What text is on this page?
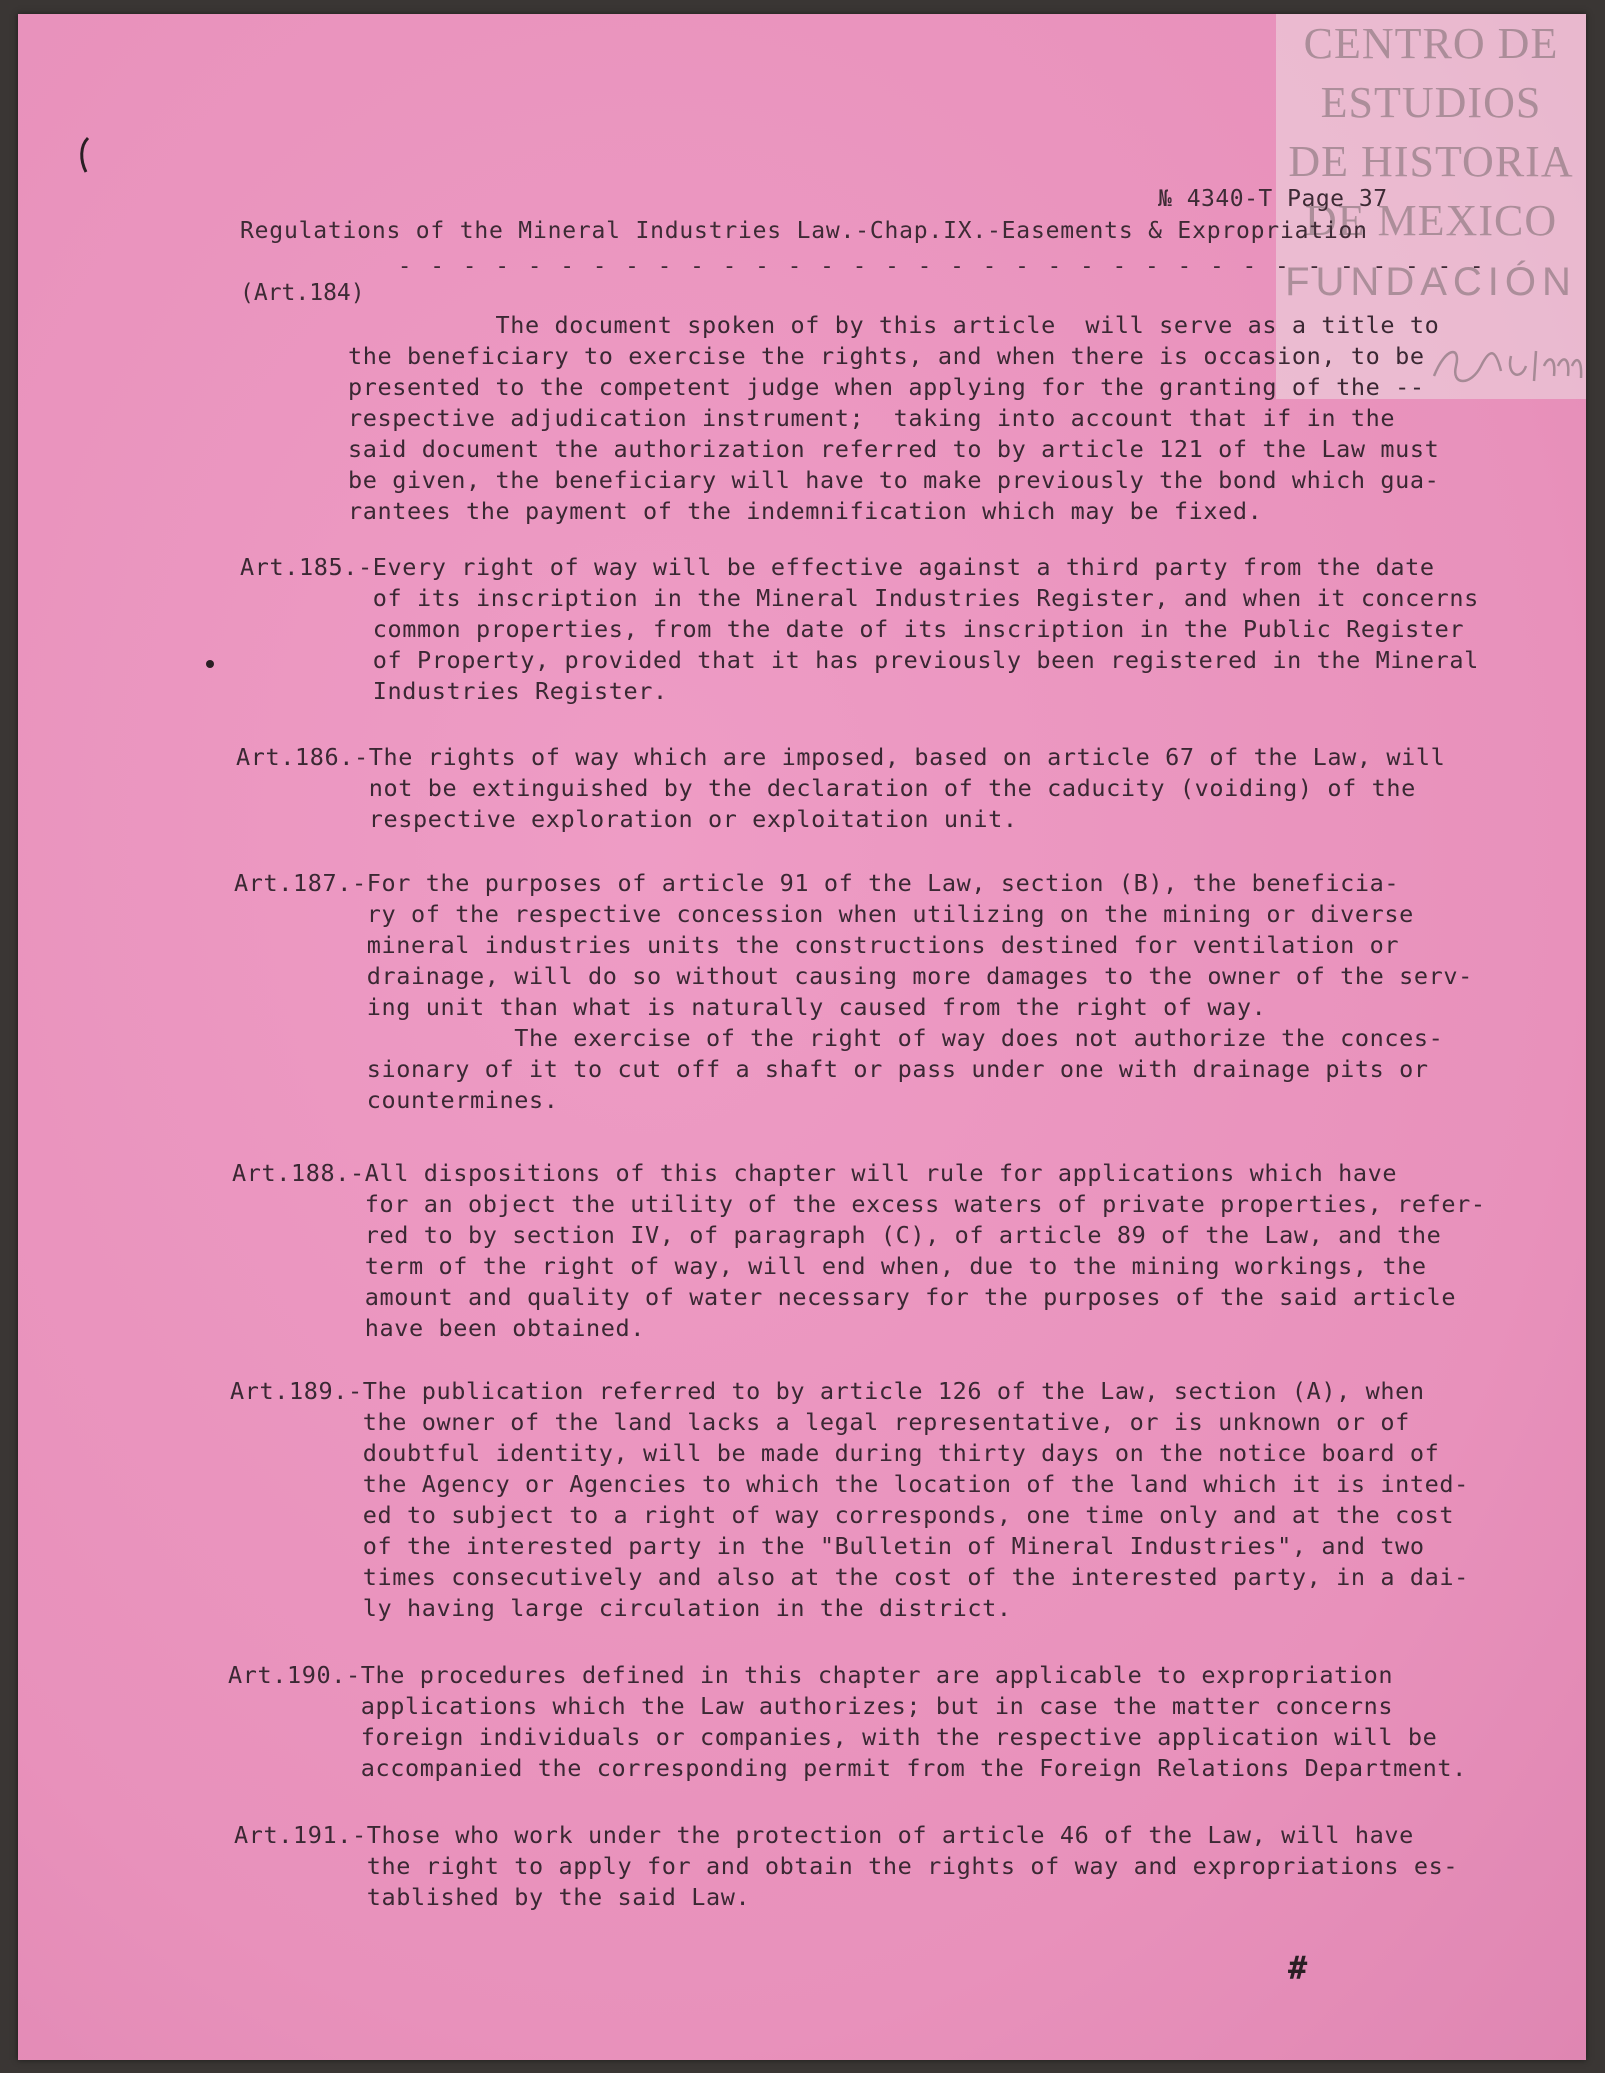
CENTRO DE
ESTUDIOS
DE HISTORIA
DE MEXICO
FUNDACIÓN
№ 4340-T Page 37
Regulations of the Mineral Industries Law.-Chap.IX.-Easements & Expropriation
- - - - - - - - - - - - - - - - - - - - - - - - - - - - - - - - - -
(Art.184)
The document spoken of by this article  will serve as a title to
the beneficiary to exercise the rights, and when there is occasion, to be
presented to the competent judge when applying for the granting of the --
respective adjudication instrument;  taking into account that if in the
said document the authorization referred to by article 121 of the Law must
be given, the beneficiary will have to make previously the bond which gua-
rantees the payment of the indemnification which may be fixed.
Art.185.-Every right of way will be effective against a third party from the date
of its inscription in the Mineral Industries Register, and when it concerns
common properties, from the date of its inscription in the Public Register
of Property, provided that it has previously been registered in the Mineral
Industries Register.
Art.186.-The rights of way which are imposed, based on article 67 of the Law, will
not be extinguished by the declaration of the caducity (voiding) of the
respective exploration or exploitation unit.
Art.187.-For the purposes of article 91 of the Law, section (B), the beneficia-
ry of the respective concession when utilizing on the mining or diverse
mineral industries units the constructions destined for ventilation or
drainage, will do so without causing more damages to the owner of the serv-
ing unit than what is naturally caused from the right of way.
The exercise of the right of way does not authorize the conces-
sionary of it to cut off a shaft or pass under one with drainage pits or
countermines.
Art.188.-All dispositions of this chapter will rule for applications which have
for an object the utility of the excess waters of private properties, refer-
red to by section IV, of paragraph (C), of article 89 of the Law, and the
term of the right of way, will end when, due to the mining workings, the
amount and quality of water necessary for the purposes of the said article
have been obtained.
Art.189.-The publication referred to by article 126 of the Law, section (A), when
the owner of the land lacks a legal representative, or is unknown or of
doubtful identity, will be made during thirty days on the notice board of
the Agency or Agencies to which the location of the land which it is inted-
ed to subject to a right of way corresponds, one time only and at the cost
of the interested party in the "Bulletin of Mineral Industries", and two
times consecutively and also at the cost of the interested party, in a dai-
ly having large circulation in the district.
Art.190.-The procedures defined in this chapter are applicable to expropriation
applications which the Law authorizes; but in case the matter concerns
foreign individuals or companies, with the respective application will be
accompanied the corresponding permit from the Foreign Relations Department.
Art.191.-Those who work under the protection of article 46 of the Law, will have
the right to apply for and obtain the rights of way and expropriations es-
tablished by the said Law.
#
